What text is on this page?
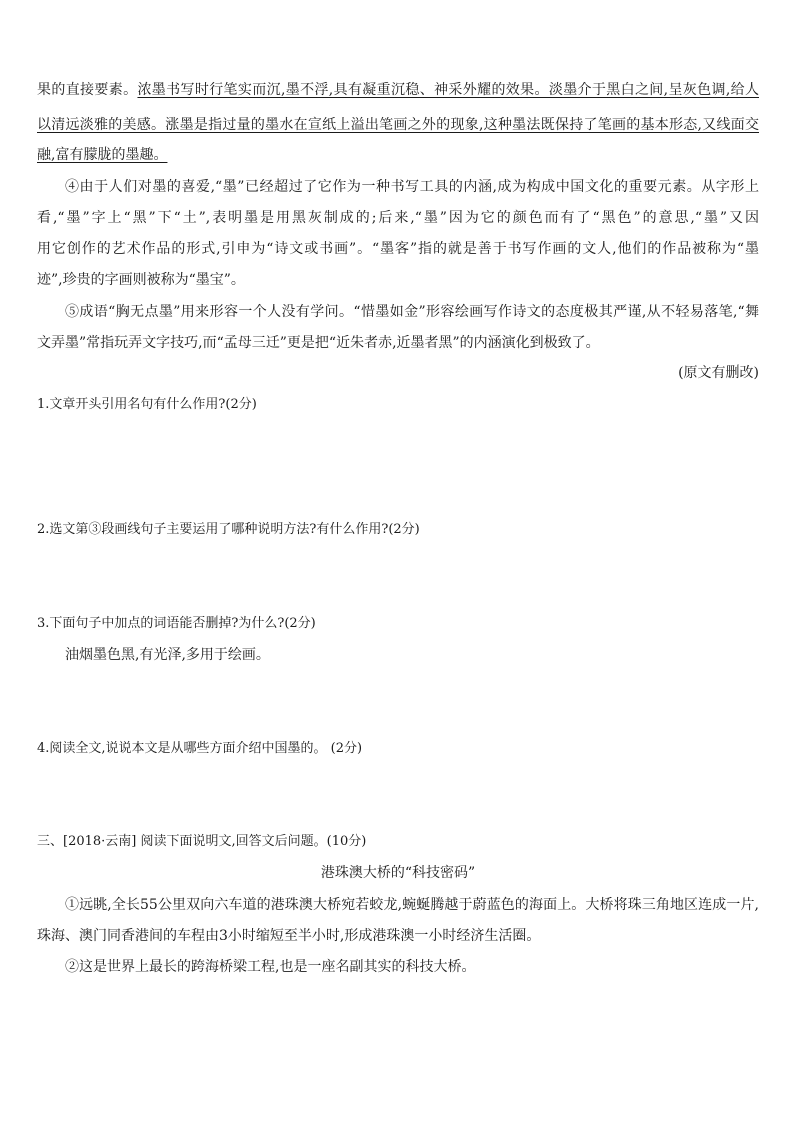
果的直接要素。浓墨书写时行笔实而沉,墨不浮,具有凝重沉稳、神采外耀的效果。淡墨介于黑白之间,呈灰色调,给人
以清远淡雅的美感。涨墨是指过量的墨水在宣纸上溢出笔画之外的现象,这种墨法既保持了笔画的基本形态,又线面交
融,富有朦胧的墨趣。
④由于人们对墨的喜爱,“墨”已经超过了它作为一种书写工具的内涵,成为构成中国文化的重要元素。从字形上
看,“墨”字上“黑”下“土”,表明墨是用黑灰制成的;后来,“墨”因为它的颜色而有了“黑色”的意思,“墨”又因
用它创作的艺术作品的形式,引申为“诗文或书画”。“墨客”指的就是善于书写作画的文人,他们的作品被称为“墨
迹”,珍贵的字画则被称为“墨宝”。
⑤成语“胸无点墨”用来形容一个人没有学问。“惜墨如金”形容绘画写作诗文的态度极其严谨,从不轻易落笔,“舞
文弄墨”常指玩弄文字技巧,而“孟母三迁”更是把“近朱者赤,近墨者黑”的内涵演化到极致了。
(原文有删改)
1.文章开头引用名句有什么作用?(2分)
2.选文第③段画线句子主要运用了哪种说明方法?有什么作用?(2分)
3.下面句子中加点的词语能否删掉?为什么?(2分)
油烟墨色黑,有光泽,多用于绘画。
4.阅读全文,说说本文是从哪些方面介绍中国墨的。 (2分)
三、[2018·云南] 阅读下面说明文,回答文后问题。(10分)
港珠澳大桥的“科技密码”
①远眺,全长55公里双向六车道的港珠澳大桥宛若蛟龙,蜿蜒腾越于蔚蓝色的海面上。大桥将珠三角地区连成一片,
珠海、澳门同香港间的车程由3小时缩短至半小时,形成港珠澳一小时经济生活圈。
②这是世界上最长的跨海桥梁工程,也是一座名副其实的科技大桥。
